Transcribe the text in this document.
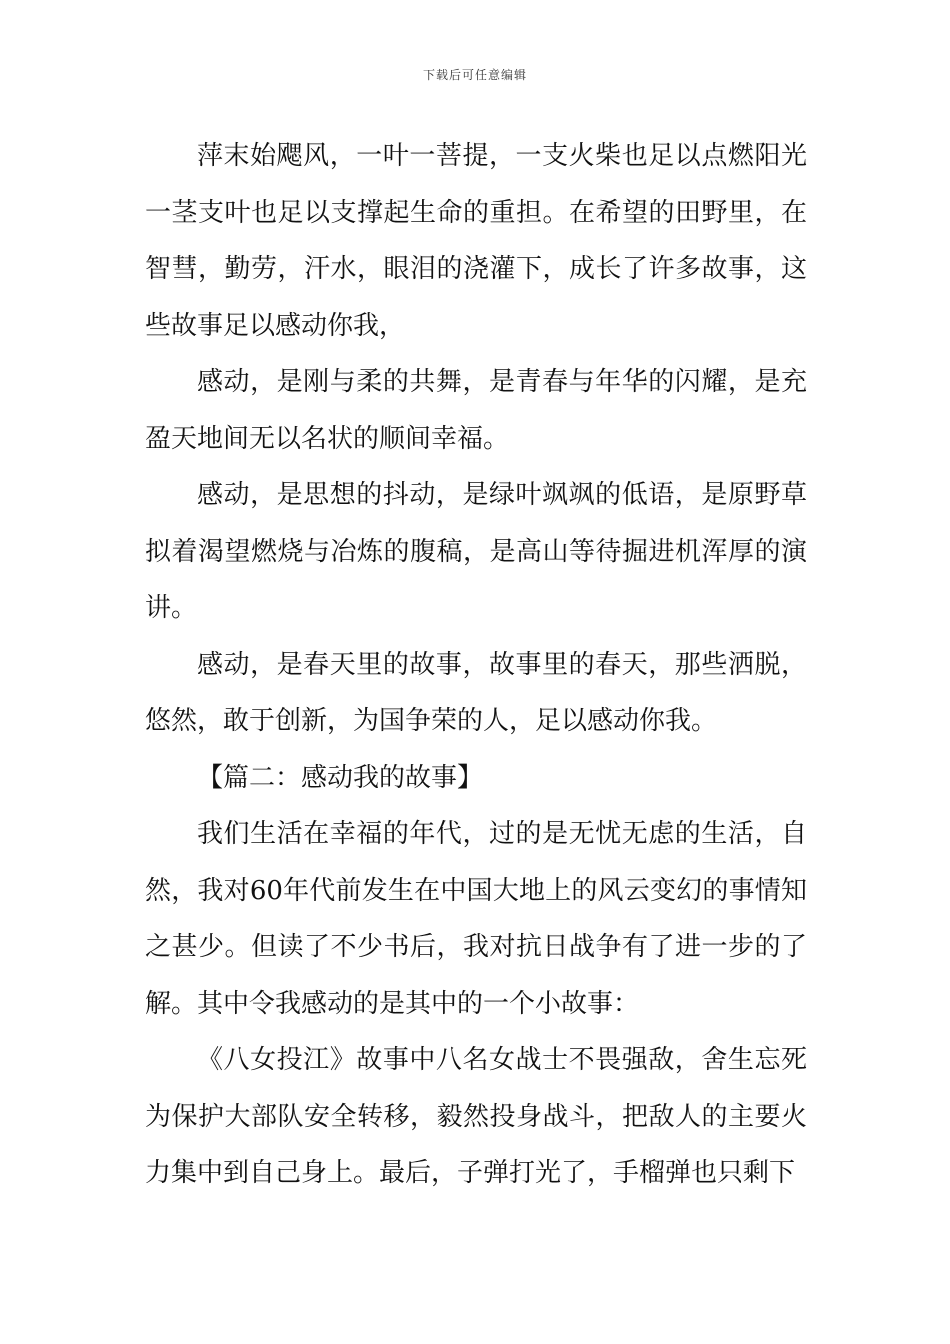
下载后可任意编辑

萍末始飔风，一叶一菩提，一支火柴也足以点燃阳光一茎支叶也足以支撑起生命的重担。在希望的田野里，在智彗，勤劳，汗水，眼泪的浇灌下，成长了许多故事，这些故事足以感动你我，

感动，是刚与柔的共舞，是青春与年华的闪耀，是充盈天地间无以名状的顺间幸福。

感动，是思想的抖动，是绿叶飒飒的低语，是原野草拟着渴望燃烧与冶炼的腹稿，是高山等待掘进机浑厚的演讲。

感动，是春天里的故事，故事里的春天，那些洒脱，悠然，敢于创新，为国争荣的人，足以感动你我。

【篇二：感动我的故事】

我们生活在幸福的年代，过的是无忧无虑的生活，自然，我对60年代前发生在中国大地上的风云变幻的事情知之甚少。但读了不少书后，我对抗日战争有了进一步的了解。其中令我感动的是其中的一个小故事：

《八女投江》故事中八名女战士不畏强敌，舍生忘死为保护大部队安全转移，毅然投身战斗，把敌人的主要火力集中到自己身上。最后，子弹打光了，手榴弹也只剩下
